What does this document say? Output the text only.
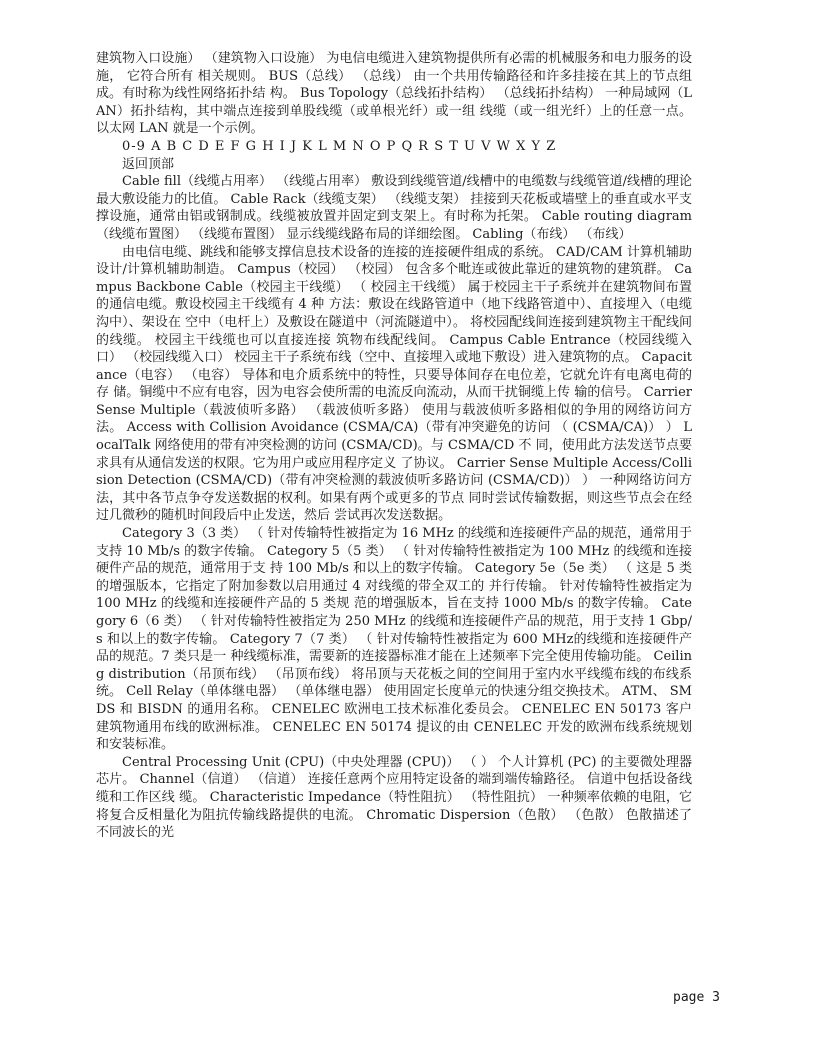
建筑物入口设施） （建筑物入口设施） 为电信电缆进入建筑物提供所有必需的机械服务和电力服务的设施， 它符合所有 相关规则。 BUS（总线） （总线） 由一个共用传输路径和许多挂接在其上的节点组成。有时称为线性网络拓扑结 构。 Bus Topology（总线拓扑结构） （总线拓扑结构） 一种局域网（LAN）拓扑结构，其中端点连接到单股线缆（或单根光纤）或一组 线缆（或一组光纤）上的任意一点。以太网 LAN 就是一个示例。

0-9 A B C D E F G H I J K L M N O P Q R S T U V W X Y Z

返回顶部

Cable fill（线缆占用率） （线缆占用率） 敷设到线缆管道/线槽中的电缆数与线缆管道/线槽的理论最大敷设能力的比值。 Cable Rack（线缆支架） （线缆支架） 挂接到天花板或墙壁上的垂直或水平支撑设施，通常由铝或钢制成。线缆被放置并固定到支架上。有时称为托架。 Cable routing diagram（线缆布置图） （线缆布置图） 显示线缆线路布局的详细绘图。 Cabling（布线） （布线）

由电信电缆、跳线和能够支撑信息技术设备的连接的连接硬件组成的系统。 CAD/CAM 计算机辅助设计/计算机辅助制造。 Campus（校园） （校园） 包含多个毗连或彼此靠近的建筑物的建筑群。 Campus Backbone Cable（校园主干线缆） （ 校园主干线缆） 属于校园主干子系统并在建筑物间布置的通信电缆。敷设校园主干线缆有 4 种 方法：敷设在线路管道中（地下线路管道中）、直接埋入（电缆沟中）、架设在 空中（电杆上）及敷设在隧道中（河流隧道中）。 将校园配线间连接到建筑物主干配线间的线缆。 校园主干线缆也可以直接连接 筑物布线配线间。 Campus Cable Entrance（校园线缆入口） （校园线缆入口） 校园主干子系统布线（空中、直接埋入或地下敷设）进入建筑物的点。 Capacitance（电容） （电容） 导体和电介质系统中的特性，只要导体间存在电位差，它就允许有电离电荷的存 储。铜缆中不应有电容，因为电容会使所需的电流反向流动，从而干扰铜缆上传 输的信号。 Carrier Sense Multiple（载波侦听多路） （载波侦听多路） 使用与载波侦听多路相似的争用的网络访问方法。 Access with Collision Avoidance (CSMA/CA)（带有冲突避免的访问 （ (CSMA/CA)） ） LocalTalk 网络使用的带有冲突检测的访问 (CSMA/CD)。与 CSMA/CD 不 同，使用此方法发送节点要求具有从通信发送的权限。它为用户或应用程序定义 了协议。 Carrier Sense Multiple Access/Collision Detection (CSMA/CD)（带有冲突检测的载波侦听多路访问 (CSMA/CD)） ） 一种网络访问方法，其中各节点争夺发送数据的权利。如果有两个或更多的节点 同时尝试传输数据，则这些节点会在经过几微秒的随机时间段后中止发送，然后 尝试再次发送数据。

Category 3（3 类） （ 针对传输特性被指定为 16 MHz 的线缆和连接硬件产品的规范，通常用于支持 10 Mb/s 的数字传输。 Category 5（5 类） （ 针对传输特性被指定为 100 MHz 的线缆和连接硬件产品的规范，通常用于支 持 100 Mb/s 和以上的数字传输。 Category 5e（5e 类） （ 这是 5 类的增强版本，它指定了附加参数以启用通过 4 对线缆的带全双工的 并行传输。 针对传输特性被指定为 100 MHz 的线缆和连接硬件产品的 5 类规 范的增强版本，旨在支持 1000 Mb/s 的数字传输。 Category 6（6 类） （ 针对传输特性被指定为 250 MHz 的线缆和连接硬件产品的规范，用于支持 1 Gbp/s 和以上的数字传输。 Category 7（7 类） （ 针对传输特性被指定为 600 MHz的线缆和连接硬件产品的规范。7 类只是一 种线缆标准，需要新的连接器标准才能在上述频率下完全使用传输功能。 Ceiling distribution（吊顶布线） （吊顶布线） 将吊顶与天花板之间的空间用于室内水平线缆布线的布线系统。 Cell Relay（单体继电器） （单体继电器） 使用固定长度单元的快速分组交换技术。 ATM、 SMDS 和 BISDN 的通用名称。 CENELEC 欧洲电工技术标准化委员会。 CENELEC EN 50173 客户建筑物通用布线的欧洲标准。 CENELEC EN 50174 提议的由 CENELEC 开发的欧洲布线系统规划和安装标准。

Central Processing Unit (CPU)（中央处理器 (CPU)） （ ） 个人计算机 (PC) 的主要微处理器芯片。 Channel（信道） （信道） 连接任意两个应用特定设备的端到端传输路径。 信道中包括设备线缆和工作区线 缆。 Characteristic Impedance（特性阻抗） （特性阻抗） 一种频率依赖的电阻，它将复合反相量化为阻抗传输线路提供的电流。 Chromatic Dispersion（色散） （色散） 色散描述了不同波长的光

page 3
